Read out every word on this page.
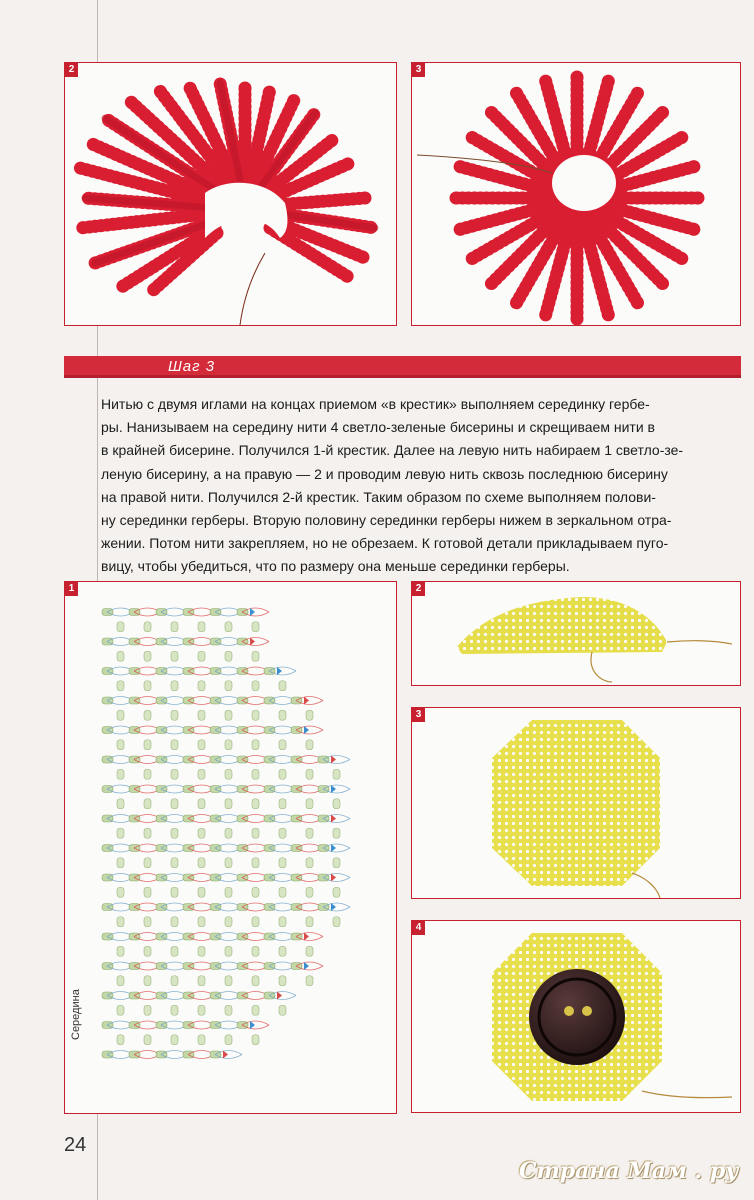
2	3
Шаг 3
Нитью с двумя иглами на концах приемом «в крестик» выполняем серединку гербе-
ры. Нанизываем на середину нити 4 светло-зеленые бисерины и скрещиваем нити в
в крайней бисерине. Получился 1-й крестик. Далее на левую нить набираем 1 светло-зе-
леную бисерину, а на правую — 2 и проводим левую нить сквозь последнюю бисерину
на правой нити. Получился 2-й крестик. Таким образом по схеме выполняем полови-
ну серединки герберы. Вторую половину серединки герберы нижем в зеркальном отра-
жении. Потом нити закрепляем, но не обрезаем. К готовой детали прикладываем пуго-
вицу, чтобы убедиться, что по размеру она меньше серединки герберы.
1
Середина
2
3
4
24
Страна Мам . ру
